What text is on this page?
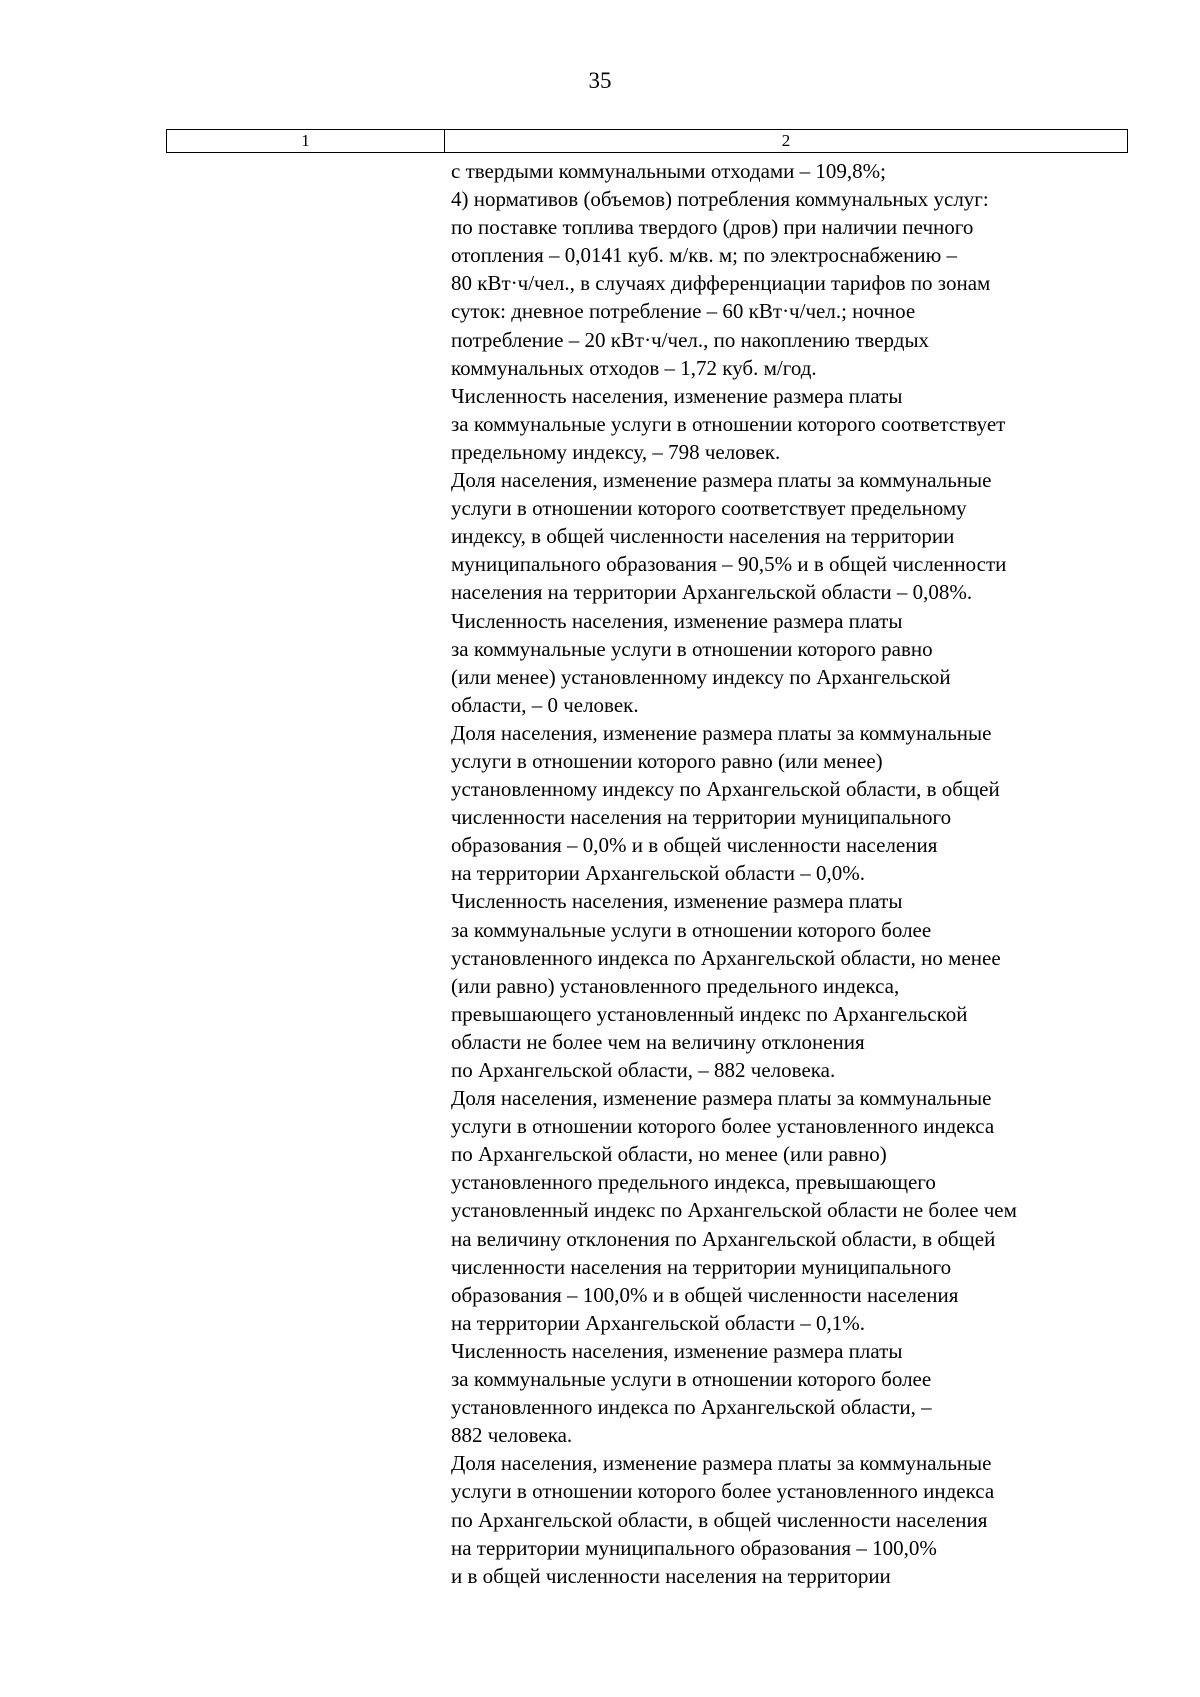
35
1	2
с твердыми коммунальными отходами – 109,8%;
4) нормативов (объемов) потребления коммунальных услуг:
по поставке топлива твердого (дров) при наличии печного
отопления – 0,0141 куб. м/кв. м; по электроснабжению –
80 кВт·ч/чел., в случаях дифференциации тарифов по зонам
суток: дневное потребление – 60 кВт·ч/чел.; ночное
потребление – 20 кВт·ч/чел., по накоплению твердых
коммунальных отходов – 1,72 куб. м/год.
Численность населения, изменение размера платы
за коммунальные услуги в отношении которого соответствует
предельному индексу, – 798 человек.
Доля населения, изменение размера платы за коммунальные
услуги в отношении которого соответствует предельному
индексу, в общей численности населения на территории
муниципального образования – 90,5% и в общей численности
населения на территории Архангельской области – 0,08%.
Численность населения, изменение размера платы
за коммунальные услуги в отношении которого равно
(или менее) установленному индексу по Архангельской
области, – 0 человек.
Доля населения, изменение размера платы за коммунальные
услуги в отношении которого равно (или менее)
установленному индексу по Архангельской области, в общей
численности населения на территории муниципального
образования – 0,0% и в общей численности населения
на территории Архангельской области – 0,0%.
Численность населения, изменение размера платы
за коммунальные услуги в отношении которого более
установленного индекса по Архангельской области, но менее
(или равно) установленного предельного индекса,
превышающего установленный индекс по Архангельской
области не более чем на величину отклонения
по Архангельской области, – 882 человека.
Доля населения, изменение размера платы за коммунальные
услуги в отношении которого более установленного индекса
по Архангельской области, но менее (или равно)
установленного предельного индекса, превышающего
установленный индекс по Архангельской области не более чем
на величину отклонения по Архангельской области, в общей
численности населения на территории муниципального
образования – 100,0% и в общей численности населения
на территории Архангельской области – 0,1%.
Численность населения, изменение размера платы
за коммунальные услуги в отношении которого более
установленного индекса по Архангельской области, –
882 человека.
Доля населения, изменение размера платы за коммунальные
услуги в отношении которого более установленного индекса
по Архангельской области, в общей численности населения
на территории муниципального образования – 100,0%
и в общей численности населения на территории
